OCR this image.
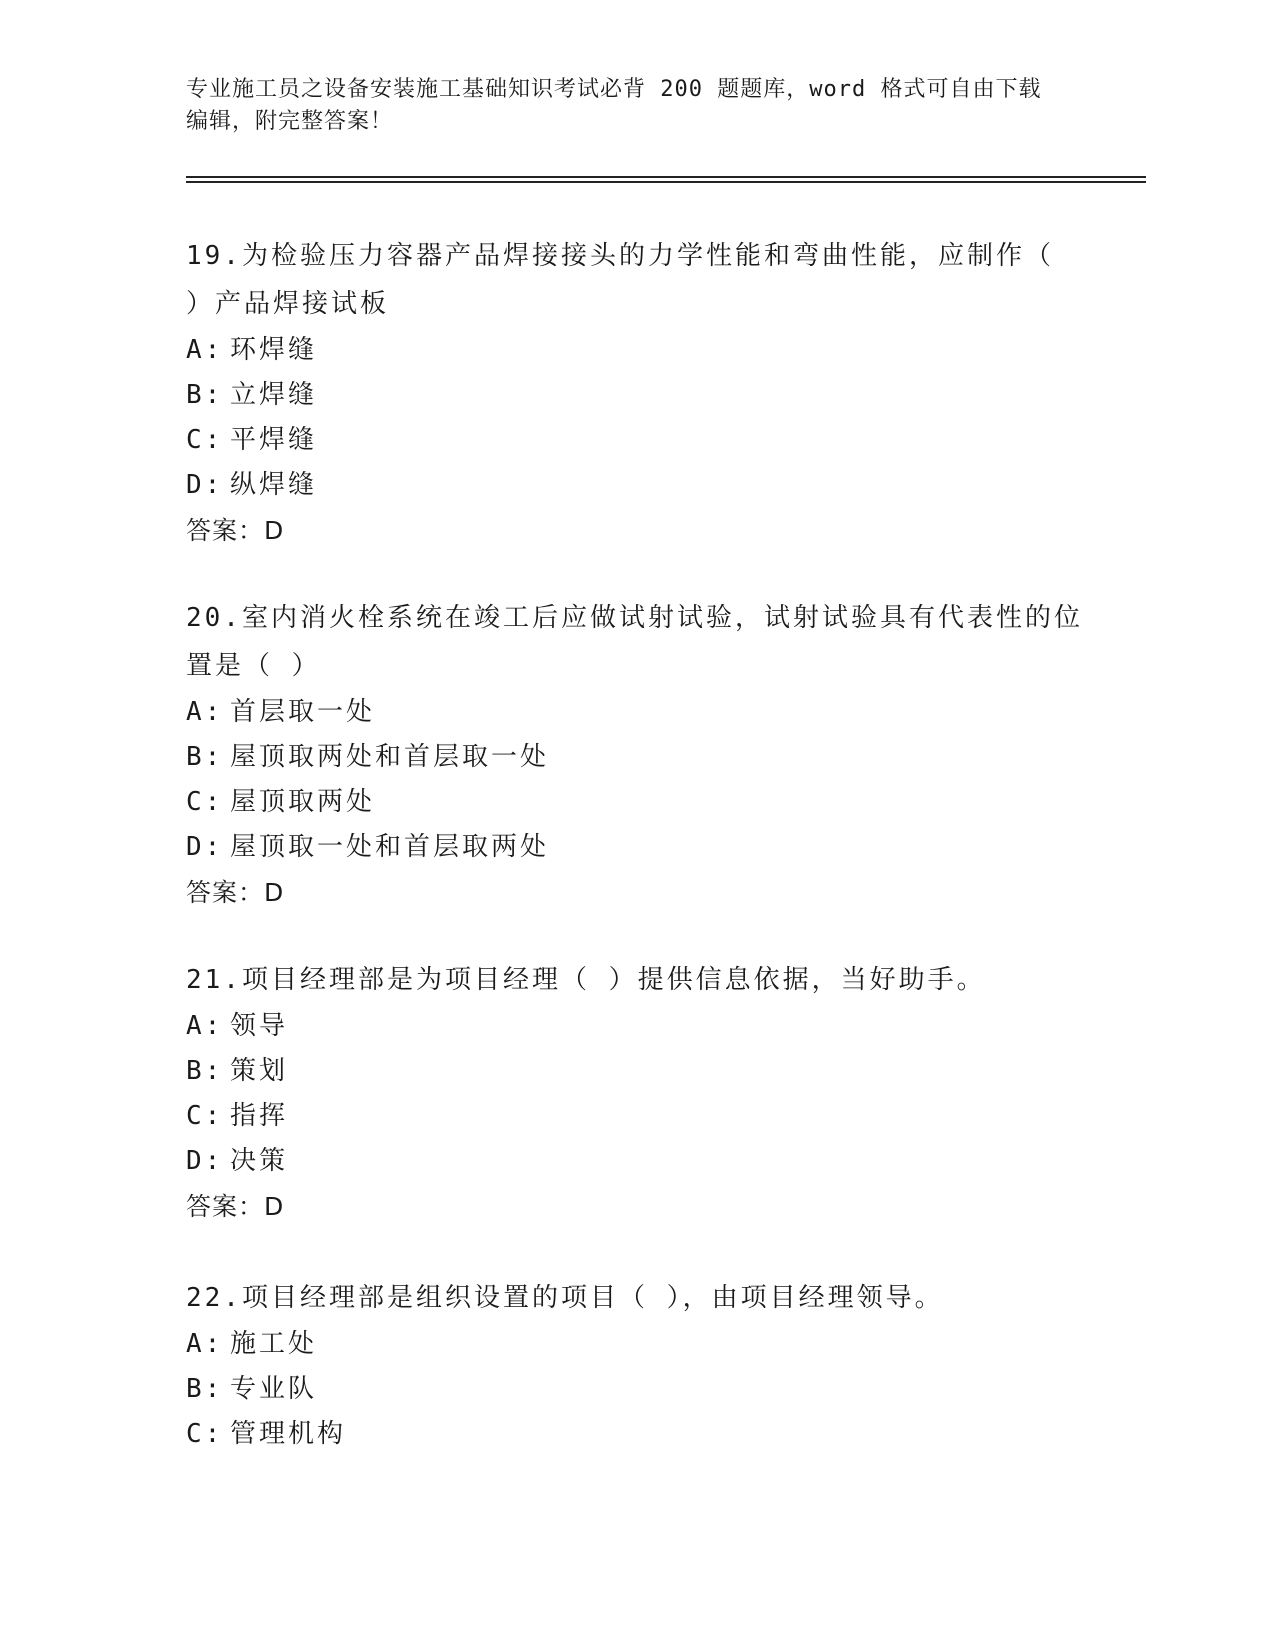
专业施工员之设备安装施工基础知识考试必背 200 题题库，word 格式可自由下载
编辑，附完整答案！
19.为检验压力容器产品焊接接头的力学性能和弯曲性能，应制作（
）产品焊接试板
A: 环焊缝
B: 立焊缝
C: 平焊缝
D: 纵焊缝
答案：D
20.室内消火栓系统在竣工后应做试射试验，试射试验具有代表性的位
置是（ ）
A: 首层取一处
B: 屋顶取两处和首层取一处
C: 屋顶取两处
D: 屋顶取一处和首层取两处
答案：D
21.项目经理部是为项目经理（ ）提供信息依据，当好助手。
A: 领导
B: 策划
C: 指挥
D: 决策
答案：D
22.项目经理部是组织设置的项目（ ），由项目经理领导。
A: 施工处
B: 专业队
C: 管理机构
